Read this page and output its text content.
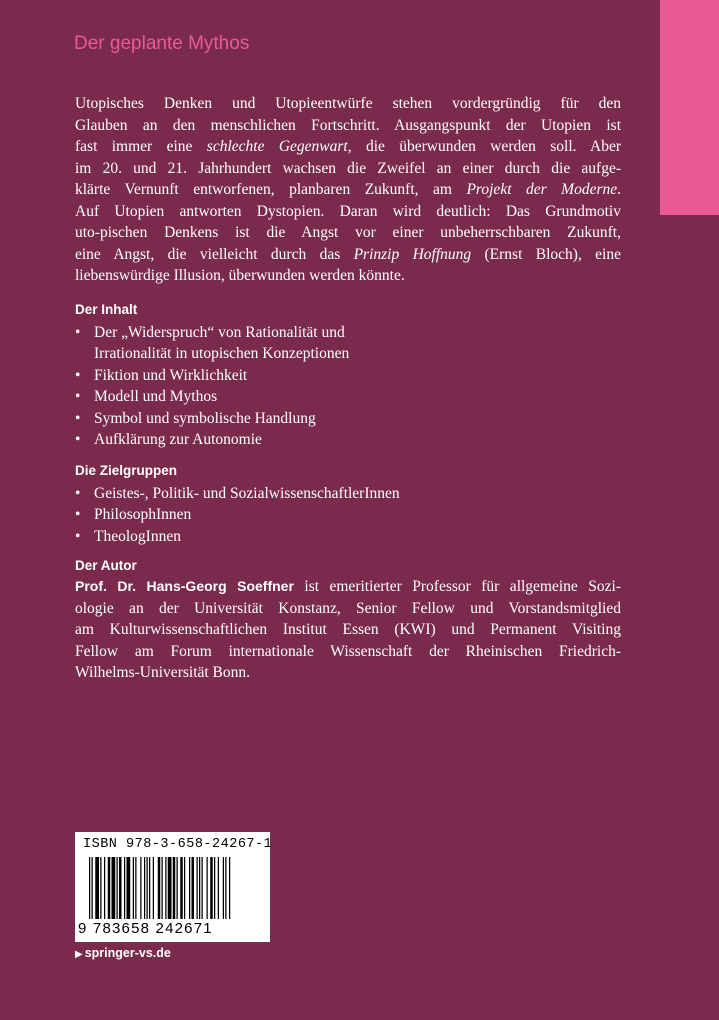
Der geplante Mythos

Utopisches Denken und Utopieentwürfe stehen vordergründig für den
Glauben an den menschlichen Fortschritt. Ausgangspunkt der Utopien ist
fast immer eine schlechte Gegenwart, die überwunden werden soll. Aber
im 20. und 21. Jahrhundert wachsen die Zweifel an einer durch die aufge-
klärte Vernunft entworfenen, planbaren Zukunft, am Projekt der Moderne.
Auf Utopien antworten Dystopien. Daran wird deutlich: Das Grundmotiv
uto-pischen Denkens ist die Angst vor einer unbeherrschbaren Zukunft,
eine Angst, die vielleicht durch das Prinzip Hoffnung (Ernst Bloch), eine
liebenswürdige Illusion, überwunden werden könnte.

Der Inhalt
• Der „Widerspruch“ von Rationalität und
Irrationalität in utopischen Konzeptionen
• Fiktion und Wirklichkeit
• Modell und Mythos
• Symbol und symbolische Handlung
• Aufklärung zur Autonomie
Die Zielgruppen
• Geistes-, Politik- und SozialwissenschaftlerInnen
• PhilosophInnen
• TheologInnen
Der Autor

Prof. Dr. Hans-Georg Soeffner ist emeritierter Professor für allgemeine Sozi-
ologie an der Universität Konstanz, Senior Fellow und Vorstandsmitglied
am Kulturwissenschaftlichen Institut Essen (KWI) und Permanent Visiting
Fellow am Forum internationale Wissenschaft der Rheinischen Friedrich-
Wilhelms-Universität Bonn.

ISBN 978-3-658-24267-1
9 783658 242671
▶ springer-vs.de
